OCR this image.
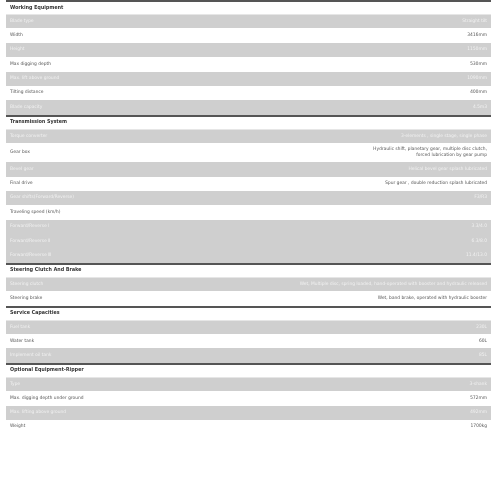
Working Equipment
Blade type	Straight tilt
Width	3416mm
Height	1150mm
Max digging depth	530mm
Max. lift above ground	1090mm
Tilting distance	400mm
Blade capacity	4.5m3
Transmission System
Torque converter	3-elements , single stage, single phase
Gear box
Hydraulic shift, planetary gear, multiple disc clutch,
forced lubrication by gear pump
Bevel gear	Helical bevel gear splash lubricated
Final drive	Spur gear , double reduction splash lubricated
Gear shifts(Forward/Reverse)	F3/R3
Traveling speed (km/h)
Forward/Reverse Ⅰ	3.3/4.0
Forward/Reverse Ⅱ	6.3/8.0
Forward/Reverse Ⅲ	11.4/13.0
Steering Clutch And Brake
Steering clutch	Wet, Multiple disc, spring loaded, hand-operated with booster and hydraulic released
Steering brake	Wet, band brake, operated with hydraulic booster
Service Capacities
Fuel tank	230L
Water tank	60L
Implement oil tank	85L
Optional Equipment-Ripper
Type	3-shank
Max. digging depth under ground	572mm
Max. lifting above ground	492mm
Weight	1700kg
